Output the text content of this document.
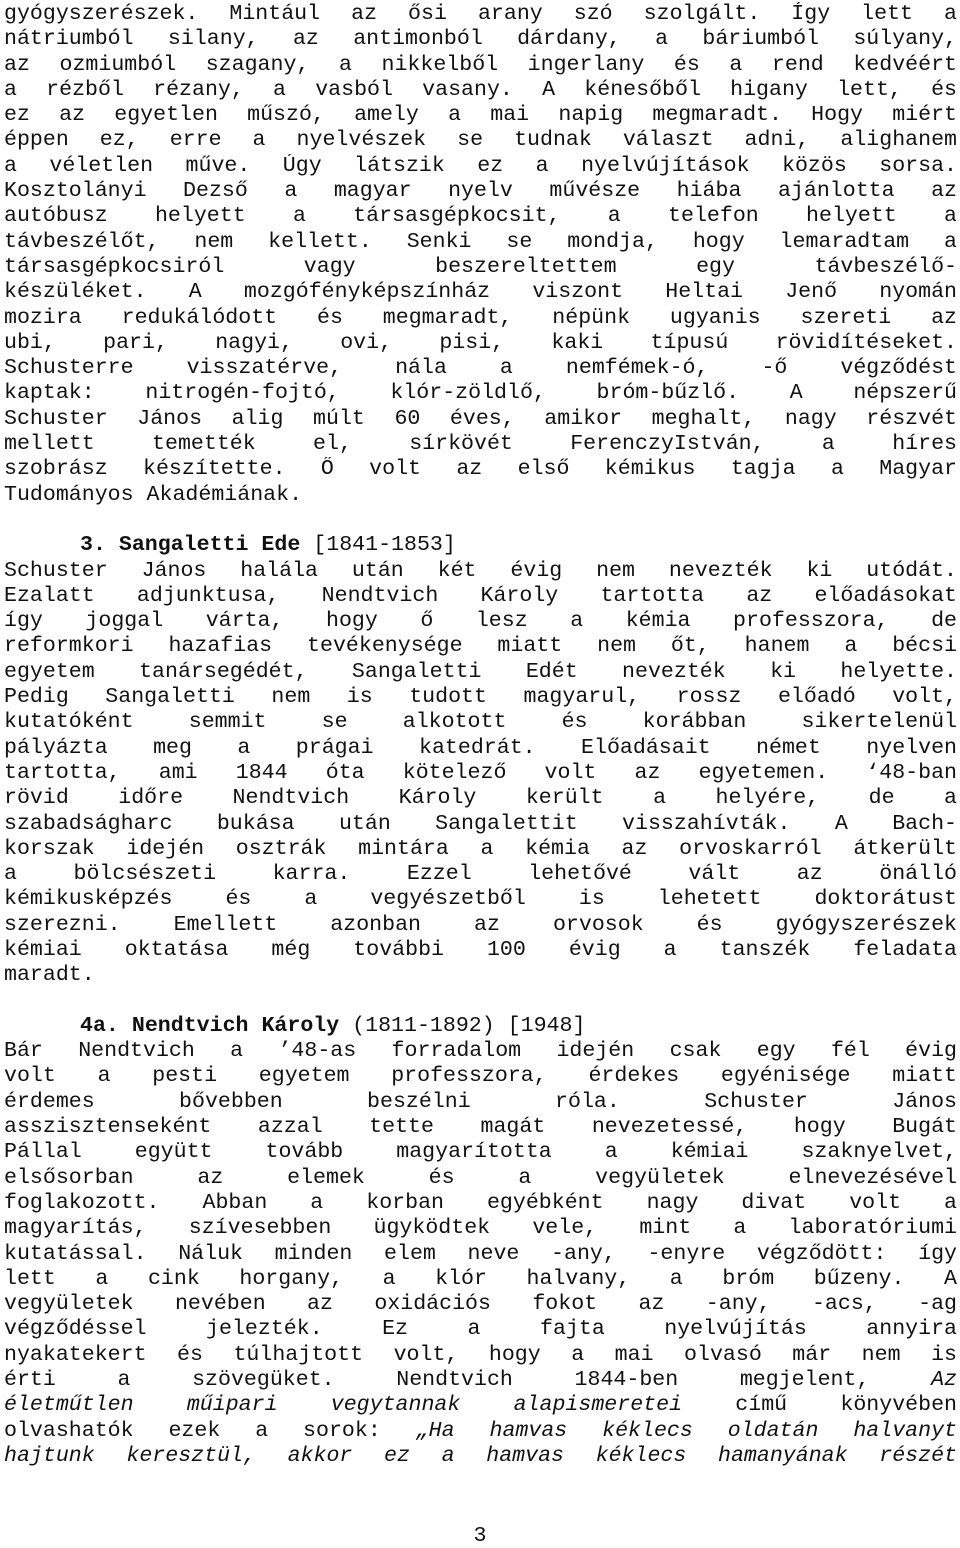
gyógyszerészek. Mintául az ősi arany szó szolgált. Így lett a
nátriumból silany, az antimonból dárdany, a báriumból súlyany,
az ozmiumból szagany, a nikkelből ingerlany és a rend kedvéért
a rézből rézany, a vasból vasany. A kénesőből higany lett, és
ez az egyetlen műszó, amely a mai napig megmaradt. Hogy miért
éppen ez, erre a nyelvészek se tudnak választ adni, alighanem
a véletlen műve. Úgy látszik ez a nyelvújítások közös sorsa.
Kosztolányi Dezső a magyar nyelv művésze hiába ajánlotta az
autóbusz helyett a társasgépkocsit, a telefon helyett a
távbeszélőt, nem kellett. Senki se mondja, hogy lemaradtam a
társasgépkocsiról vagy beszereltettem egy távbeszélő-
készüléket. A mozgófényképszínház viszont Heltai Jenő nyomán
mozira redukálódott és megmaradt, népünk ugyanis szereti az
ubi, pari, nagyi, ovi, pisi, kaki típusú rövidítéseket.
Schusterre visszatérve, nála a nemfémek-ó, -ő végződést
kaptak: nitrogén-fojtó, klór-zöldlő, bróm-bűzlő. A népszerű
Schuster János alig múlt 60 éves, amikor meghalt, nagy részvét
mellett temették el, sírkövét FerenczyIstván, a híres
szobrász készítette. Ő volt az első kémikus tagja a Magyar
Tudományos Akadémiának.
3. Sangaletti Ede [1841-1853]
Schuster János halála után két évig nem nevezték ki utódát.
Ezalatt adjunktusa, Nendtvich Károly tartotta az előadásokat
így joggal várta, hogy ő lesz a kémia professzora, de
reformkori hazafias tevékenysége miatt nem őt, hanem a bécsi
egyetem tanársegédét, Sangaletti Edét nevezték ki helyette.
Pedig Sangaletti nem is tudott magyarul, rossz előadó volt,
kutatóként semmit se alkotott és korábban sikertelenül
pályázta meg a prágai katedrát. Előadásait német nyelven
tartotta, ami 1844 óta kötelező volt az egyetemen. ‘48-ban
rövid időre Nendtvich Károly került a helyére, de a
szabadságharc bukása után Sangalettit visszahívták. A Bach-
korszak idején osztrák mintára a kémia az orvoskarról átkerült
a bölcsészeti karra. Ezzel lehetővé vált az önálló
kémikusképzés és a vegyészetből is lehetett doktorátust
szerezni. Emellett azonban az orvosok és gyógyszerészek
kémiai oktatása még további 100 évig a tanszék feladata
maradt.
4a. Nendtvich Károly (1811-1892) [1948]
Bár Nendtvich a ’48-as forradalom idején csak egy fél évig
volt a pesti egyetem professzora, érdekes egyénisége miatt
érdemes bővebben beszélni róla. Schuster János
asszisztenseként azzal tette magát nevezetessé, hogy Bugát
Pállal együtt tovább magyarította a kémiai szaknyelvet,
elsősorban az elemek és a vegyületek elnevezésével
foglakozott. Abban a korban egyébként nagy divat volt a
magyarítás, szívesebben ügyködtek vele, mint a laboratóriumi
kutatással. Náluk minden elem neve -any, -enyre végződött: így
lett a cink horgany, a klór halvany, a bróm bűzeny. A
vegyületek nevében az oxidációs fokot az -any, -acs, -ag
végződéssel jelezték. Ez a fajta nyelvújítás annyira
nyakatekert és túlhajtott volt, hogy a mai olvasó már nem is
érti a szövegüket. Nendtvich 1844-ben megjelent,	Az
életműtlen műipari vegytannak alapismeretei című könyvében
olvashatók ezek a sorok: „Ha hamvas kéklecs oldatán halvanyt
hajtunk keresztül, akkor ez a hamvas kéklecs hamanyának részét
3
